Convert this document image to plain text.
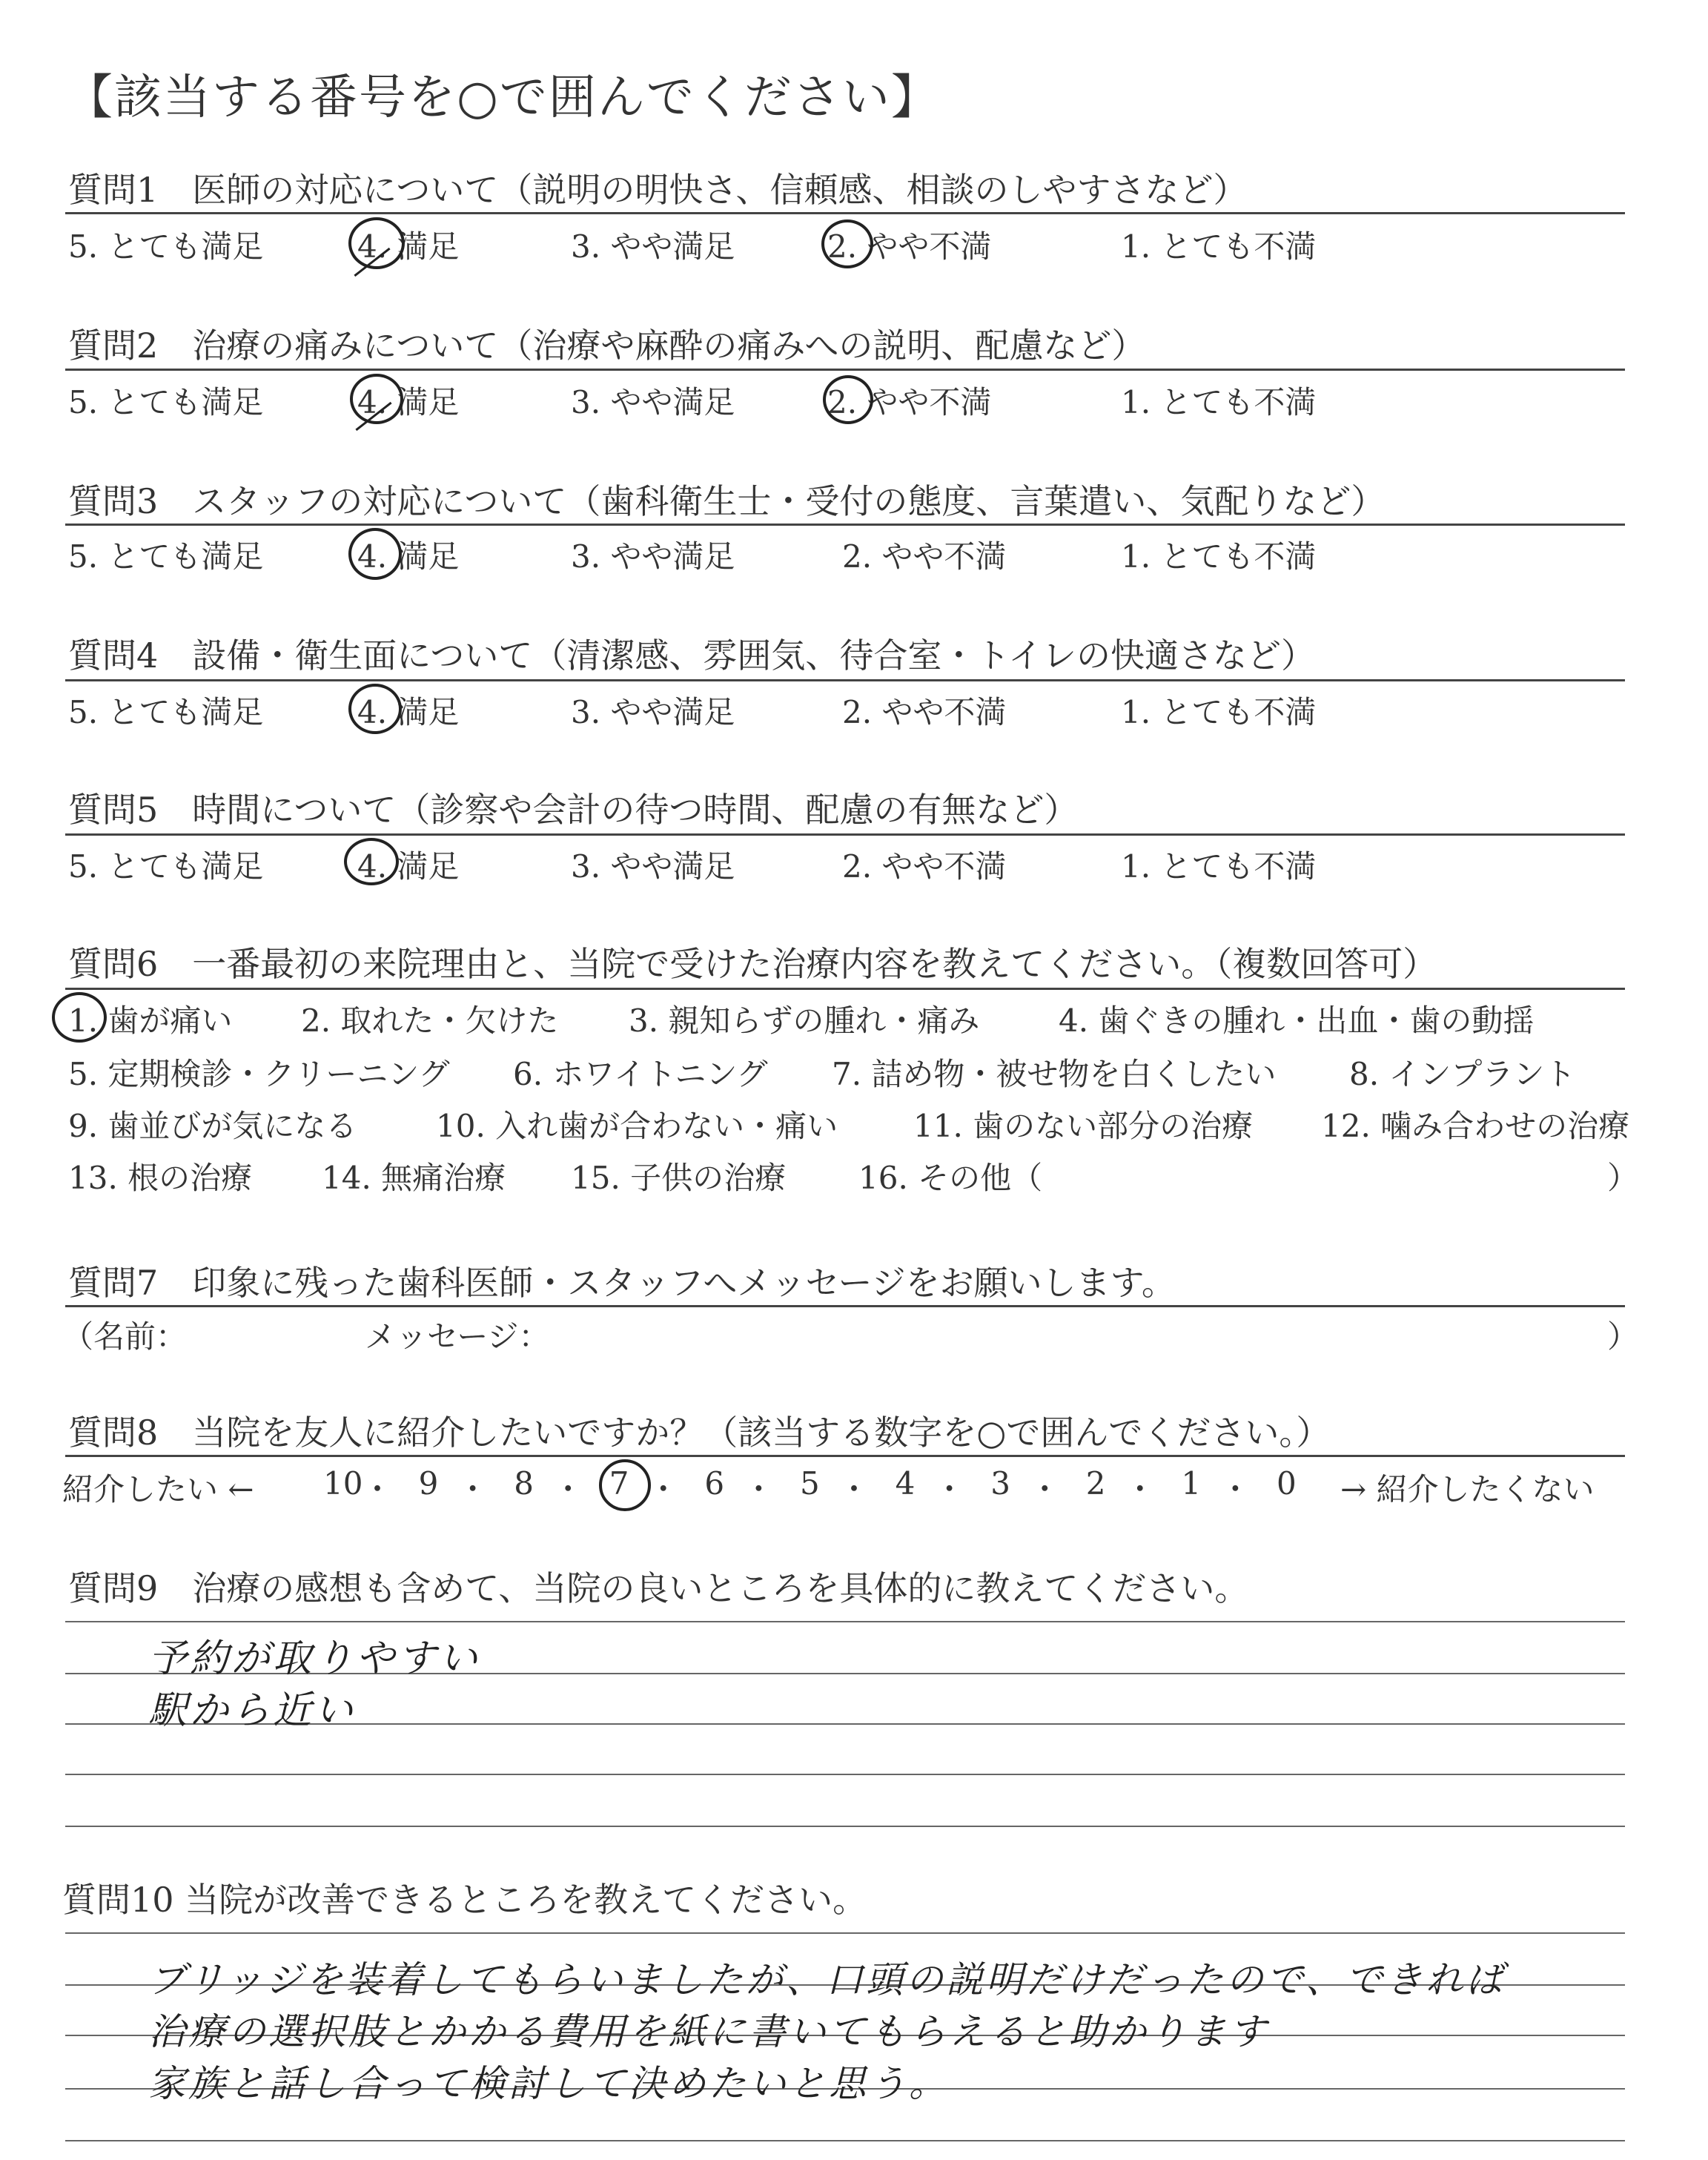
【該当する番号を○で囲んでください】
質問1　医師の対応について（説明の明快さ、信頼感、相談のしやすさなど）
5. とても満足	4. 満足	3. やや満足	2. やや不満	1. とても不満
質問2　治療の痛みについて（治療や麻酔の痛みへの説明、配慮など）
5. とても満足	4. 満足	3. やや満足	2. やや不満	1. とても不満
質問3　スタッフの対応について（歯科衛生士・受付の態度、言葉遣い、気配りなど）
5. とても満足	4. 満足	3. やや満足	2. やや不満	1. とても不満
質問4　設備・衛生面について（清潔感、雰囲気、待合室・トイレの快適さなど）
5. とても満足	4. 満足	3. やや満足	2. やや不満	1. とても不満
質問5　時間について（診察や会計の待つ時間、配慮の有無など）
5. とても満足	4. 満足	3. やや満足	2. やや不満	1. とても不満
質問6　一番最初の来院理由と、当院で受けた治療内容を教えてください。（複数回答可）
1. 歯が痛い 2. 取れた・欠けた 3. 親知らずの腫れ・痛み	4. 歯ぐきの腫れ・出血・歯の動揺
5. 定期検診・クリーニング 6. ホワイトニング 7. 詰め物・被せ物を白くしたい 8. インプラント
9. 歯並びが気になる	10. 入れ歯が合わない・痛い 11. 歯のない部分の治療 12. 噛み合わせの治療
13. 根の治療 14. 無痛治療 15. 子供の治療 16. その他（	）
質問7　印象に残った歯科医師・スタッフへメッセージをお願いします。
（名前：	メッセージ：	）
質問8　当院を友人に紹介したいですか？（該当する数字を○で囲んでください。）
紹介したい ← 10
・ 9 ・ 8 ・ 7 ・ 6 ・ 5 ・ 4 ・ 3 ・ 2 ・ 1 ・ 0 → 紹介したくない
質問9　治療の感想も含めて、当院の良いところを具体的に教えてください。
予約が取りやすい
駅から近い
質問10 当院が改善できるところを教えてください。
ブリッジを装着してもらいましたが、口頭の説明だけだったので、できれば
治療の選択肢とかかる費用を紙に書いてもらえると助かります
家族と話し合って検討して決めたいと思う。
